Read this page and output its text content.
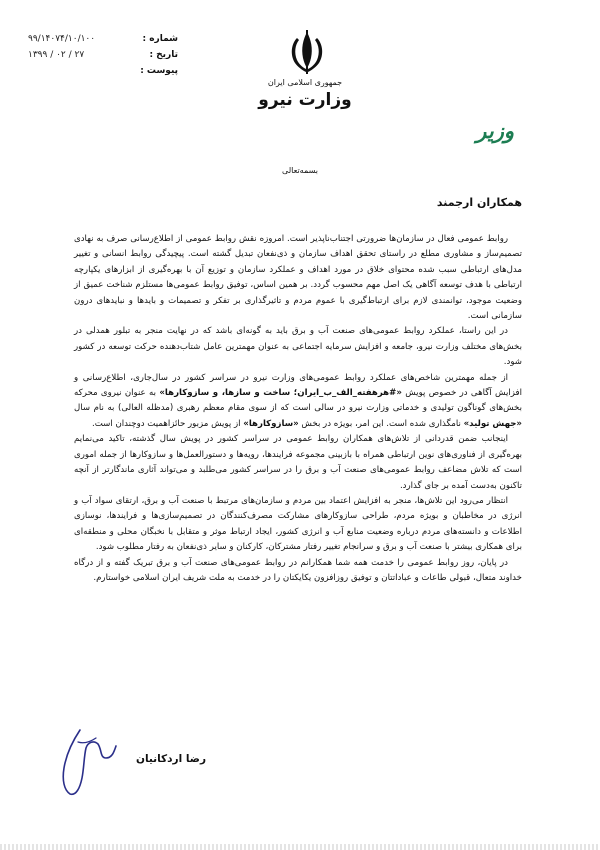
جمهوری اسلامی ایران
وزارت نیرو
وزیر
شماره :
۹۹/۱۴۰۷۴/۱۰/۱۰۰
تاریخ :
۱۳۹۹ / ۰۲ / ۲۷
پیوست :
بسمه‌تعالی
همکاران ارجمند

روابط عمومی فعال در سازمان‌ها ضرورتی اجتناب‌ناپذیر است. امروزه نقش روابط عمومی از اطلاع‌رسانی صرف به نهادی تصمیم‌ساز و مشاوری مطلع در راستای تحقق اهداف سازمان و ذی‌نفعان تبدیل گشته است. پیچیدگی روابط انسانی و تغییر مدل‌های ارتباطی سبب شده محتوای خلاق در مورد اهداف و عملکرد سازمان و توزیع آن با بهره‌گیری از ابزارهای یکپارچه ارتباطی با هدف توسعه آگاهی یک اصل مهم محسوب گردد. بر همین اساس، توفیق روابط عمومی‌ها مستلزم شناخت عمیق از وضعیت موجود، توانمندی لازم برای ارتباط‌گیری با عموم مردم و تاثیرگذاری بر تفکر و تصمیمات و بایدها و نبایدهای درون سازمانی است.

در این راستا، عملکرد روابط عمومی‌های صنعت آب و برق باید به گونه‌ای باشد که در نهایت منجر به تبلور همدلی در بخش‌های مختلف وزارت نیرو، جامعه و افزایش سرمایه اجتماعی به عنوان مهمترین عامل شتاب‌دهنده حرکت توسعه در کشور شود.

از جمله مهمترین شاخص‌های عملکرد روابط عمومی‌های وزارت نیرو در سراسر کشور در سال‌جاری، اطلاع‌رسانی و افزایش آگاهی در خصوص پویش «#هرهفته_الف_ب_ایران؛ ساخت و سازها، و سازوکارها» به عنوان نیروی محرکه بخش‌های گوناگون تولیدی و خدماتی وزارت نیرو در سالی است که از سوی مقام معظم رهبری (مدظله العالی) به نام سال «جهش تولید» نامگذاری شده است. این امر، بویژه در بخش «سازوکارها» از پویش مزبور حائزاهمیت دوچندان است.

اینجانب ضمن قدردانی از تلاش‌های همکاران روابط عمومی در سراسر کشور در پویش سال گذشته، تاکید می‌نمایم بهره‌گیری از فناوری‌های نوین ارتباطی همراه با بازبینی مجموعه فرایندها، رویه‌ها و دستورالعمل‌ها و سازوکارها از جمله اموری است که تلاش مضاعف روابط عمومی‌های صنعت آب و برق را در سراسر کشور می‌طلبد و می‌تواند آثاری ماندگارتر از آنچه تاکنون به‌دست آمده بر جای گذارد.

انتظار می‌رود این تلاش‌ها، منجر به افزایش اعتماد بین مردم و سازمان‌های مرتبط با صنعت آب و برق، ارتقای سواد آب و انرژی در مخاطبان و بویژه مردم، طراحی سازوکارهای مشارکت مصرف‌کنندگان در تصمیم‌سازی‌ها و فرایندها، نوسازی اطلاعات و دانسته‌های مردم درباره وضعیت منابع آب و انرژی کشور، ایجاد ارتباط موثر و متقابل با نخبگان محلی و منطقه‌ای برای همکاری بیشتر با صنعت آب و برق و سرانجام تغییر رفتار مشترکان، کارکنان و سایر ذی‌نفعان به رفتار مطلوب شود.

در پایان، روز روابط عمومی را خدمت همه شما همکارانم در روابط عمومی‌های صنعت آب و برق تبریک گفته و از درگاه خداوند متعال، قبولی طاعات و عباداتتان و توفیق روزافزون یکایکتان را در خدمت به ملت شریف ایران اسلامی خواستارم.

رضا اردکانیان
